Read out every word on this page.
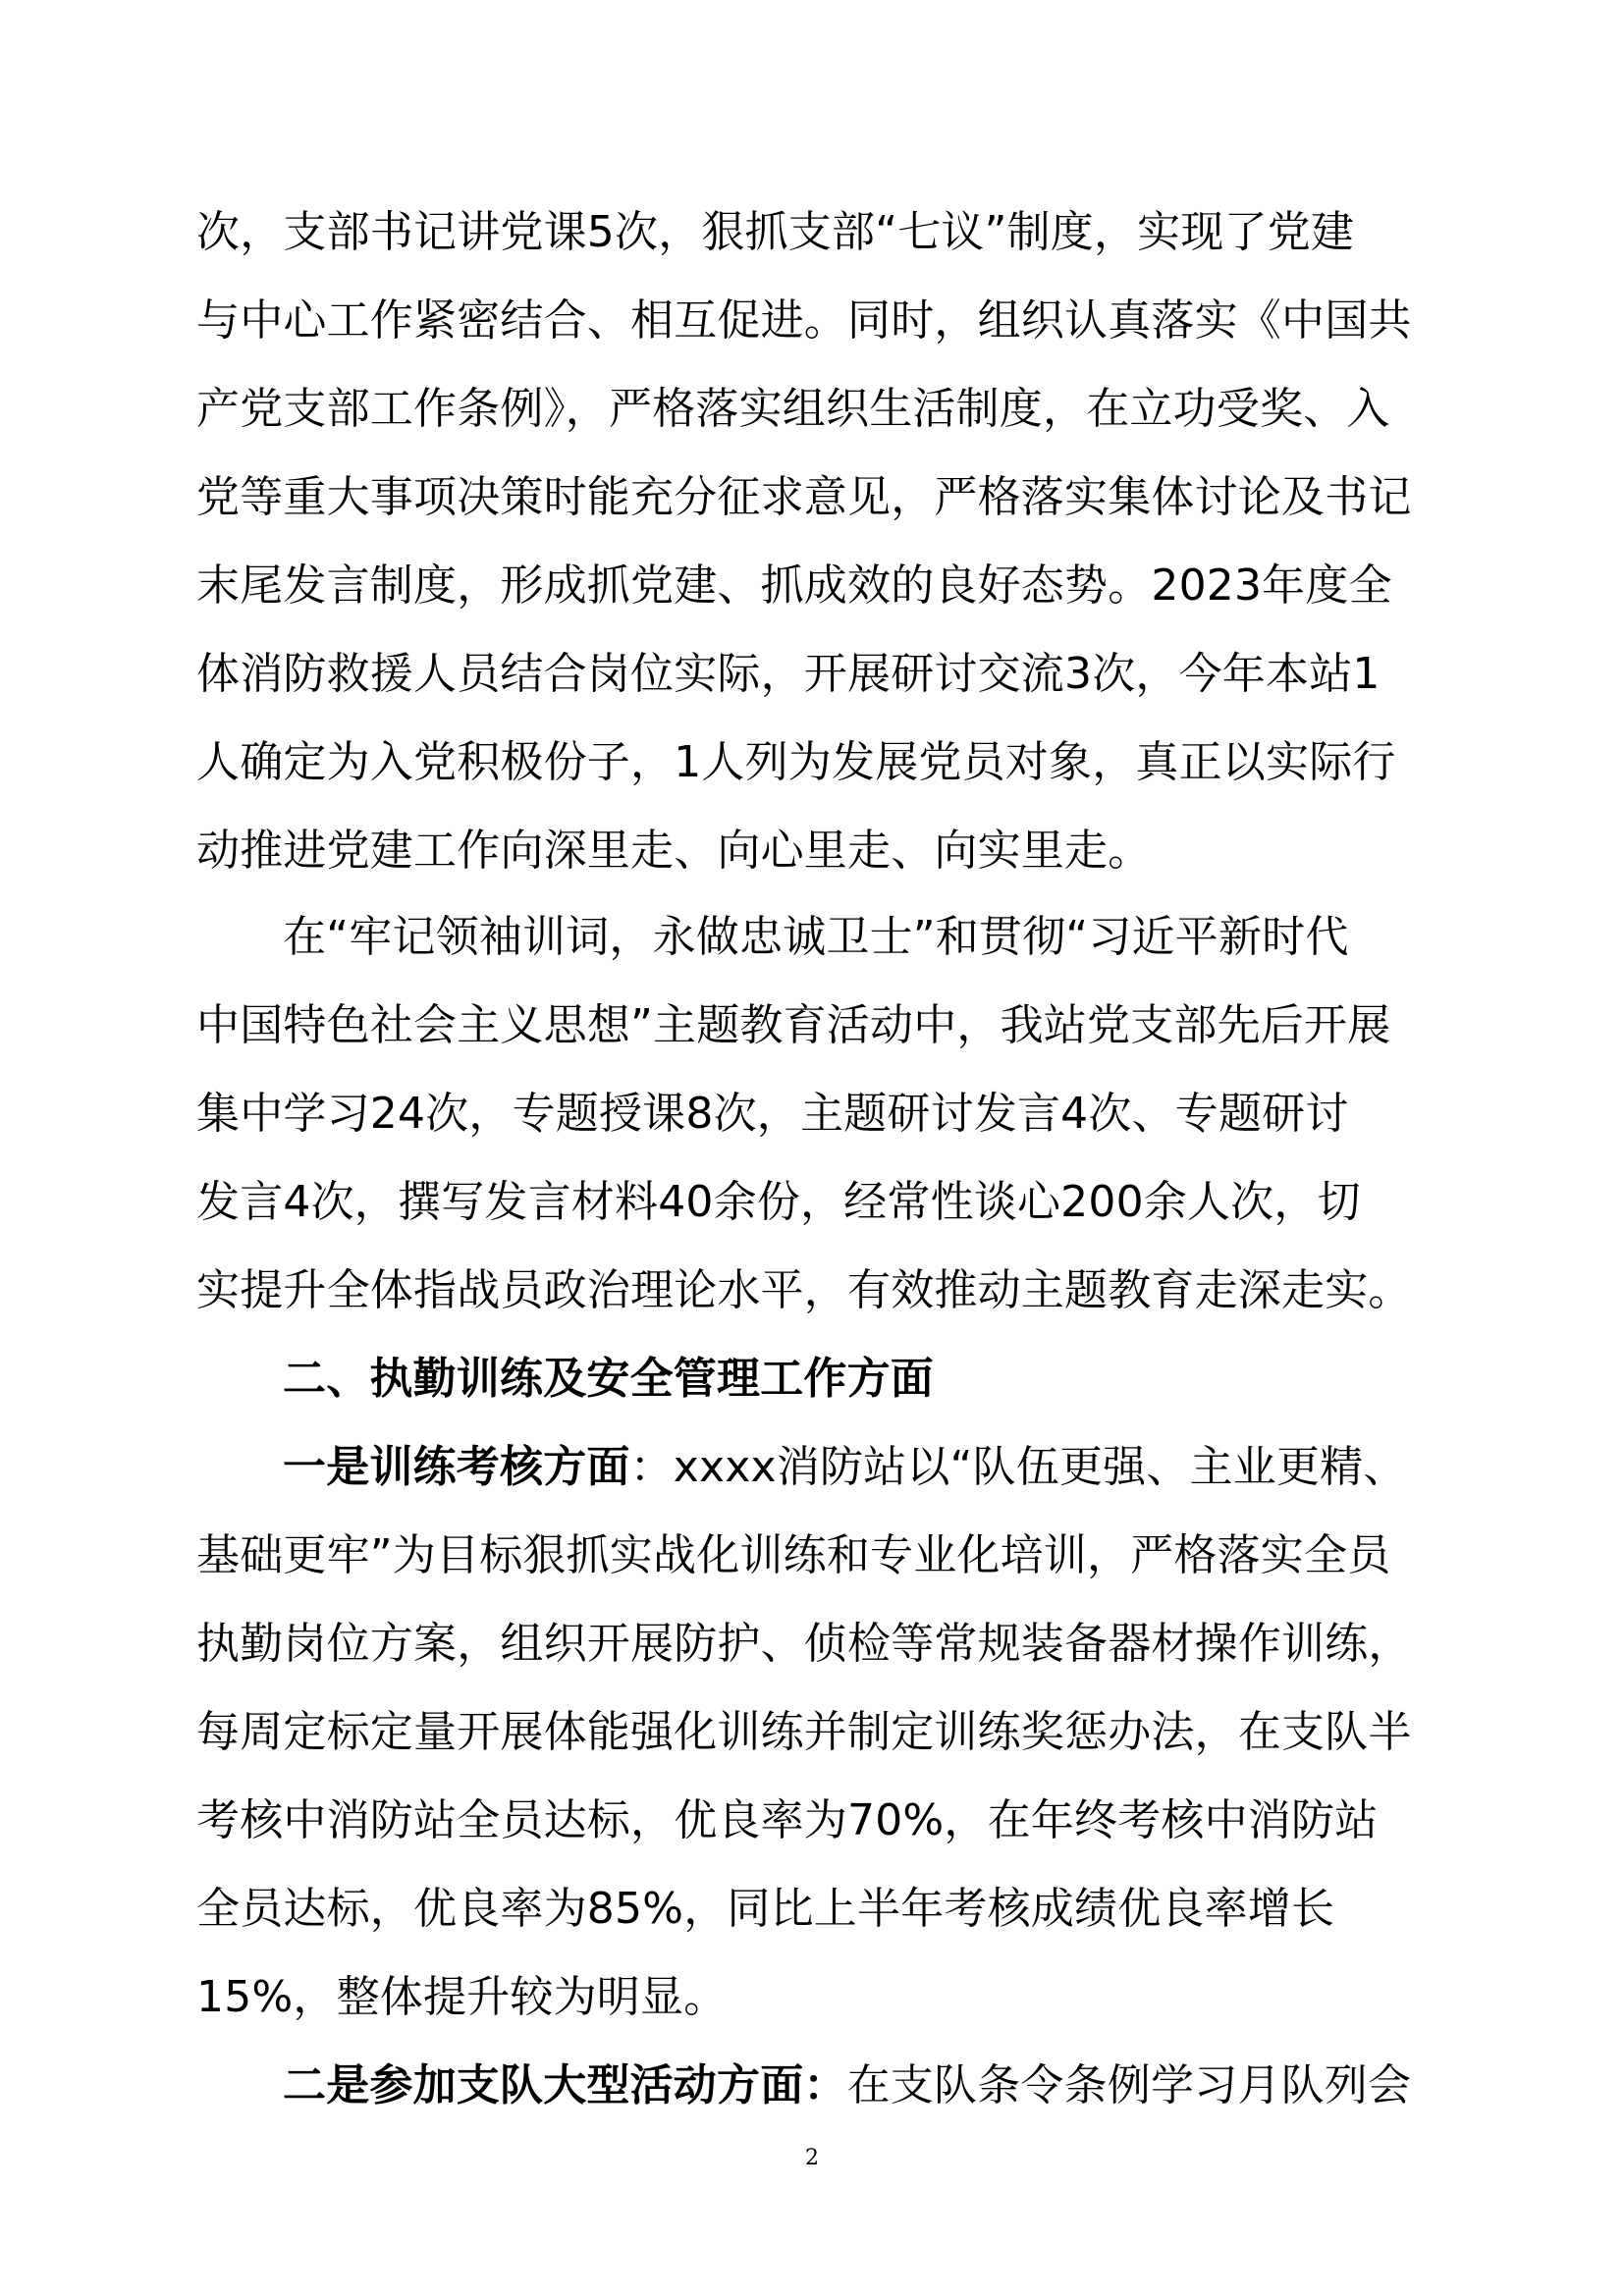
次，支部书记讲党课5次，狠抓支部“七议”制度，实现了党建
与中心工作紧密结合、相互促进。同时，组织认真落实《中国共
产党支部工作条例》，严格落实组织生活制度，在立功受奖、入
党等重大事项决策时能充分征求意见，严格落实集体讨论及书记
末尾发言制度，形成抓党建、抓成效的良好态势。2023年度全
体消防救援人员结合岗位实际，开展研讨交流3次，今年本站1
人确定为入党积极份子，1人列为发展党员对象，真正以实际行
动推进党建工作向深里走、向心里走、向实里走。
在“牢记领袖训词，永做忠诚卫士”和贯彻“习近平新时代
中国特色社会主义思想”主题教育活动中，我站党支部先后开展
集中学习24次，专题授课8次，主题研讨发言4次、专题研讨
发言4次，撰写发言材料40余份，经常性谈心200余人次，切
实提升全体指战员政治理论水平，有效推动主题教育走深走实。
二、执勤训练及安全管理工作方面
一是训练考核方面：xxxx消防站以“队伍更强、主业更精、
基础更牢”为目标狠抓实战化训练和专业化培训，严格落实全员
执勤岗位方案，组织开展防护、侦检等常规装备器材操作训练，
每周定标定量开展体能强化训练并制定训练奖惩办法，在支队半
考核中消防站全员达标，优良率为70%，在年终考核中消防站
全员达标，优良率为85%，同比上半年考核成绩优良率增长
15%，整体提升较为明显。
二是参加支队大型活动方面：在支队条令条例学习月队列会
2
